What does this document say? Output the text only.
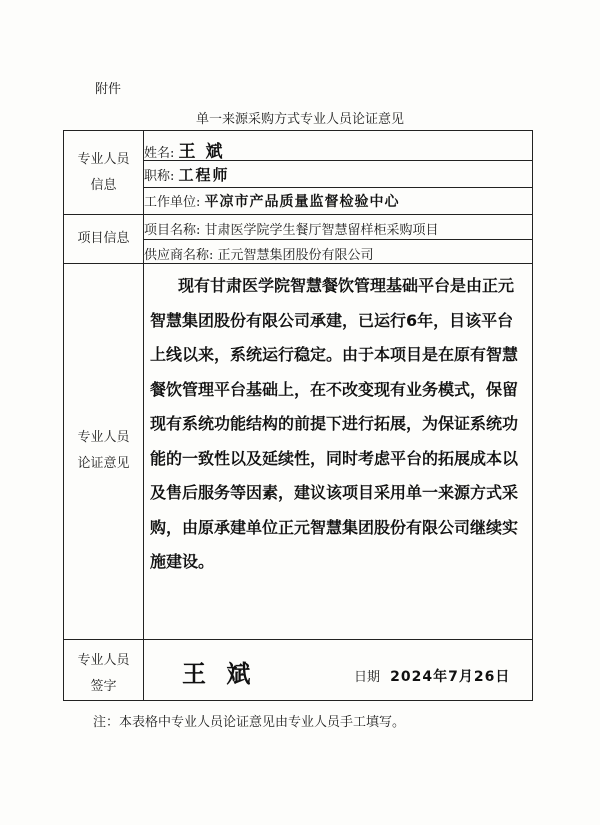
附件
单一来源采购方式专业人员论证意见
专业人员
信息
姓名: 王 斌
职称: 工程师
工作单位: 平凉市产品质量监督检验中心
项目信息
项目名称: 甘肃医学院学生餐厅智慧留样柜采购项目
供应商名称: 正元智慧集团股份有限公司
专业人员
论证意见
现有甘肃医学院智慧餐饮管理基础平台是由正元智慧集团股份有限公司承建，已运行6年，目该平台上线以来，系统运行稳定。由于本项目是在原有智慧餐饮管理平台基础上，在不改变现有业务模式，保留现有系统功能结构的前提下进行拓展，为保证系统功能的一致性以及延续性，同时考虑平台的拓展成本以及售后服务等因素，建议该项目采用单一来源方式采购，由原承建单位正元智慧集团股份有限公司继续实施建设。
专业人员
签字	王 斌	日期 2024年7月26日
注：本表格中专业人员论证意见由专业人员手工填写。
